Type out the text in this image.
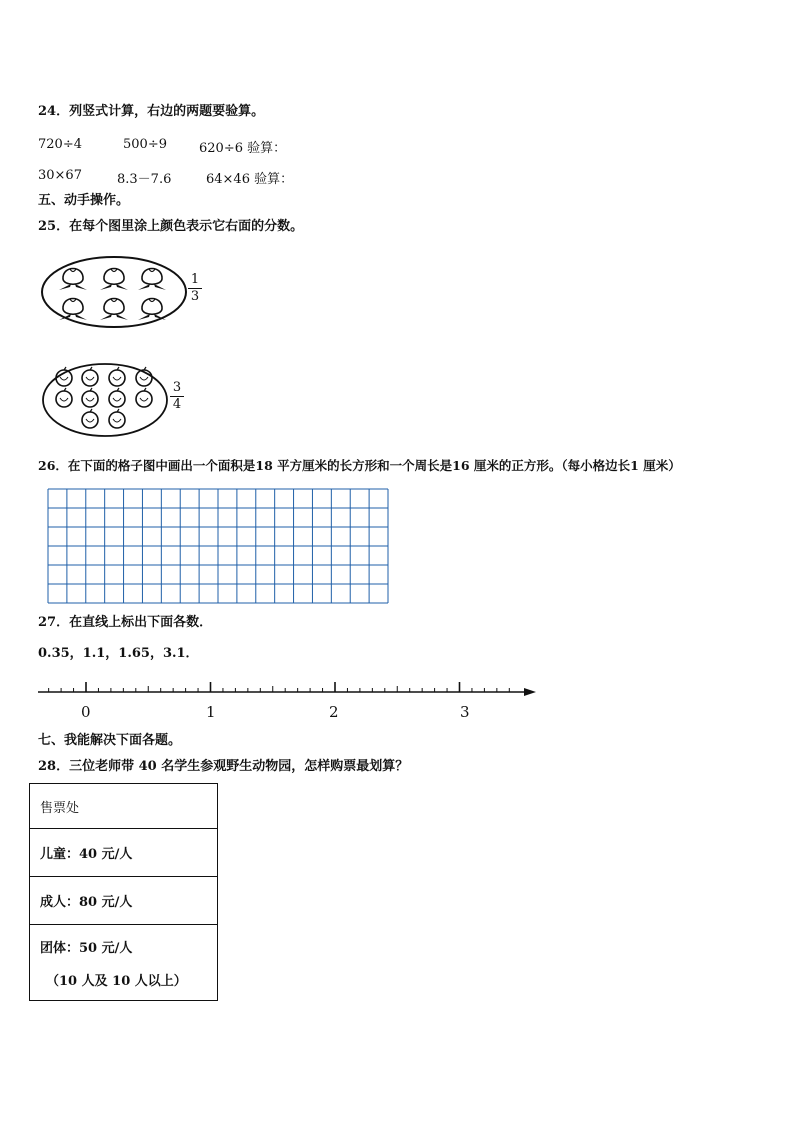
24．列竖式计算，右边的两题要验算。
720÷4	500÷9 620÷6 验算：
30×67	8.3－7.6	64×46 验算：
五、动手操作。
25．在每个图里涂上颜色表示它右面的分数。
1
3
3
4
26．在下面的格子图中画出一个面积是18 平方厘米的长方形和一个周长是16 厘米的正方形。（每小格边长1 厘米）
27．在直线上标出下面各数．
0.35，1.1，1.65，3.1．
0	1	2	3
七、我能解决下面各题。
28．三位老师带 40 名学生参观野生动物园，怎样购票最划算？
售票处
儿童：40 元/人
成人：80 元/人

团体：50 元/人
（10 人及 10 人以上）
